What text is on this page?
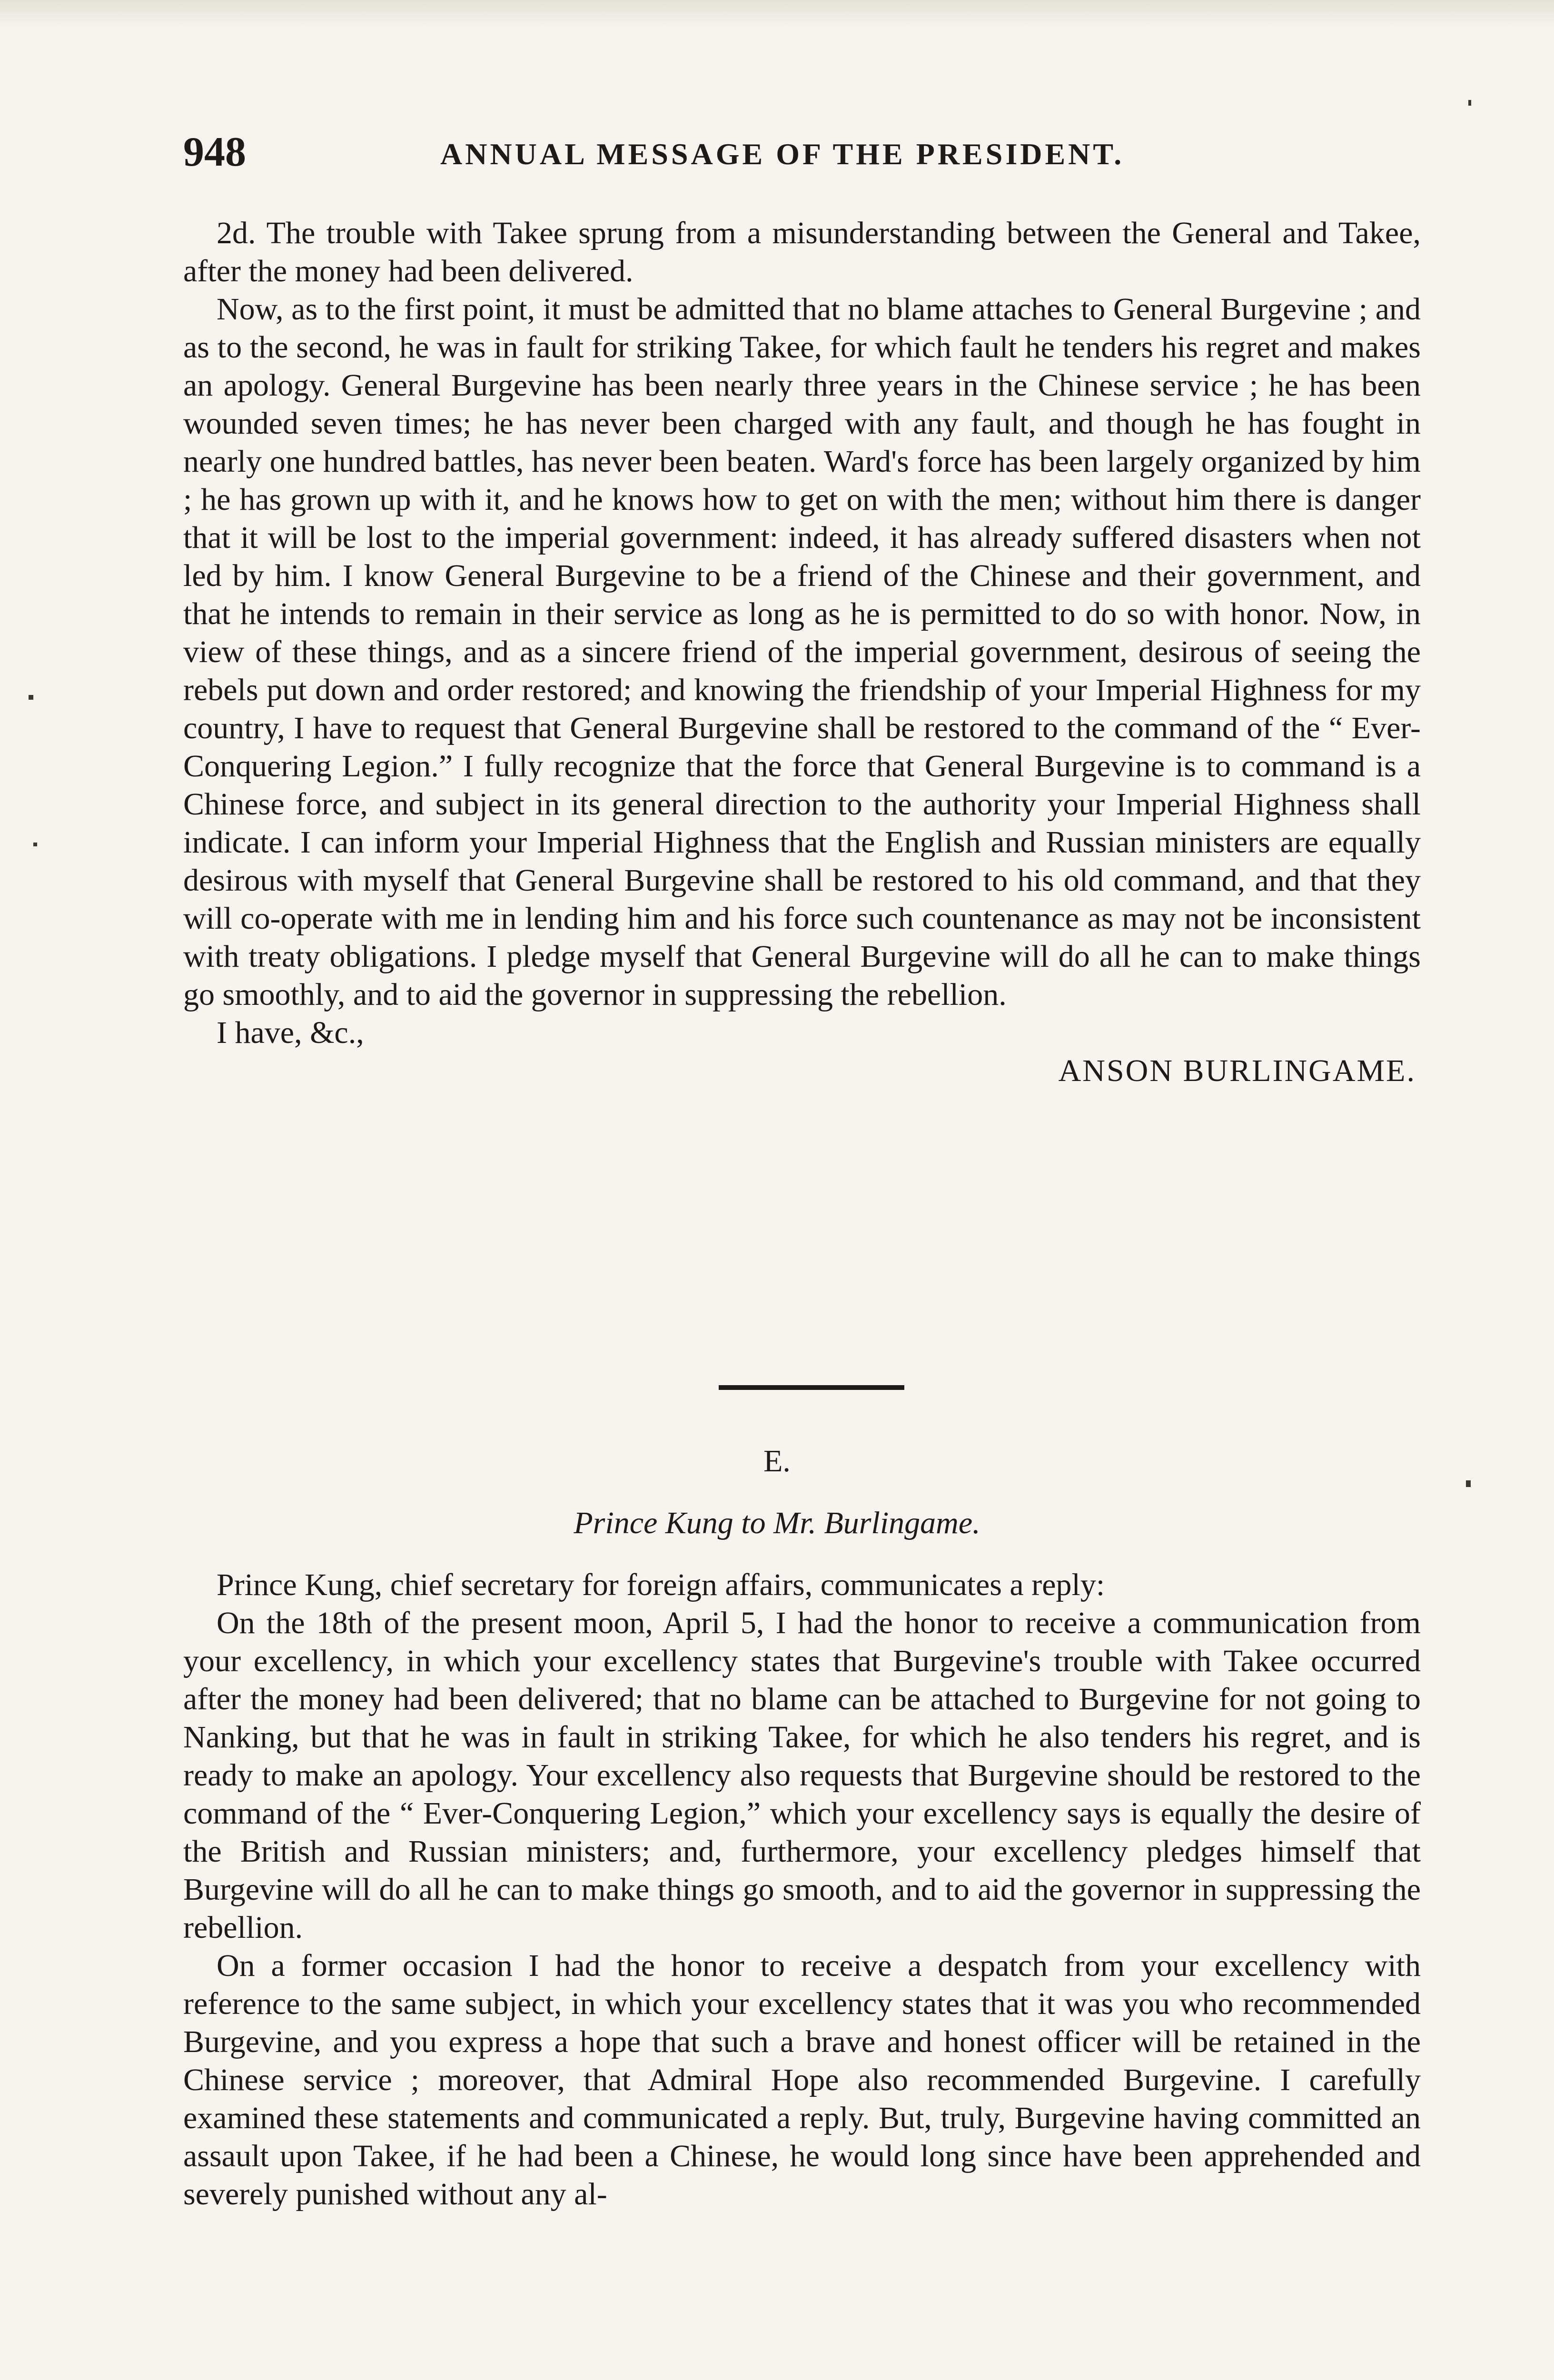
948	ANNUAL MESSAGE OF THE PRESIDENT.

2d. The trouble with Takee sprung from a misunderstanding between the General and Takee, after the money had been delivered.

Now, as to the first point, it must be admitted that no blame attaches to General Burgevine ; and as to the second, he was in fault for striking Takee, for which fault he tenders his regret and makes an apology. General Burgevine has been nearly three years in the Chinese service ; he has been wounded seven times; he has never been charged with any fault, and though he has fought in nearly one hundred battles, has never been beaten. Ward's force has been largely organized by him ; he has grown up with it, and he knows how to get on with the men; without him there is danger that it will be lost to the imperial government: indeed, it has already suffered disasters when not led by him. I know General Burgevine to be a friend of the Chinese and their government, and that he intends to remain in their service as long as he is permitted to do so with honor. Now, in view of these things, and as a sincere friend of the imperial government, desirous of seeing the rebels put down and order restored; and knowing the friendship of your Imperial Highness for my country, I have to request that General Burgevine shall be restored to the command of the “ Ever-Conquering Legion.” I fully recognize that the force that General Burgevine is to command is a Chinese force, and subject in its general direction to the authority your Imperial Highness shall indicate. I can inform your Imperial Highness that the English and Russian ministers are equally desirous with myself that General Burgevine shall be restored to his old command, and that they will co-operate with me in lending him and his force such countenance as may not be inconsistent with treaty obligations. I pledge myself that General Burgevine will do all he can to make things go smoothly, and to aid the governor in suppressing the rebellion.

I have, &c.,

ANSON BURLINGAME.

E.
Prince Kung to Mr. Burlingame.

Prince Kung, chief secretary for foreign affairs, communicates a reply:

On the 18th of the present moon, April 5, I had the honor to receive a communication from your excellency, in which your excellency states that Burgevine's trouble with Takee occurred after the money had been delivered; that no blame can be attached to Burgevine for not going to Nanking, but that he was in fault in striking Takee, for which he also tenders his regret, and is ready to make an apology. Your excellency also requests that Burgevine should be restored to the command of the “ Ever-Conquering Legion,” which your excellency says is equally the desire of the British and Russian ministers; and, furthermore, your excellency pledges himself that Burgevine will do all he can to make things go smooth, and to aid the governor in suppressing the rebellion.

On a former occasion I had the honor to receive a despatch from your excellency with reference to the same subject, in which your excellency states that it was you who recommended Burgevine, and you express a hope that such a brave and honest officer will be retained in the Chinese service ; moreover, that Admiral Hope also recommended Burgevine. I carefully examined these statements and communicated a reply. But, truly, Burgevine having committed an assault upon Takee, if he had been a Chinese, he would long since have been apprehended and severely punished without any al-
